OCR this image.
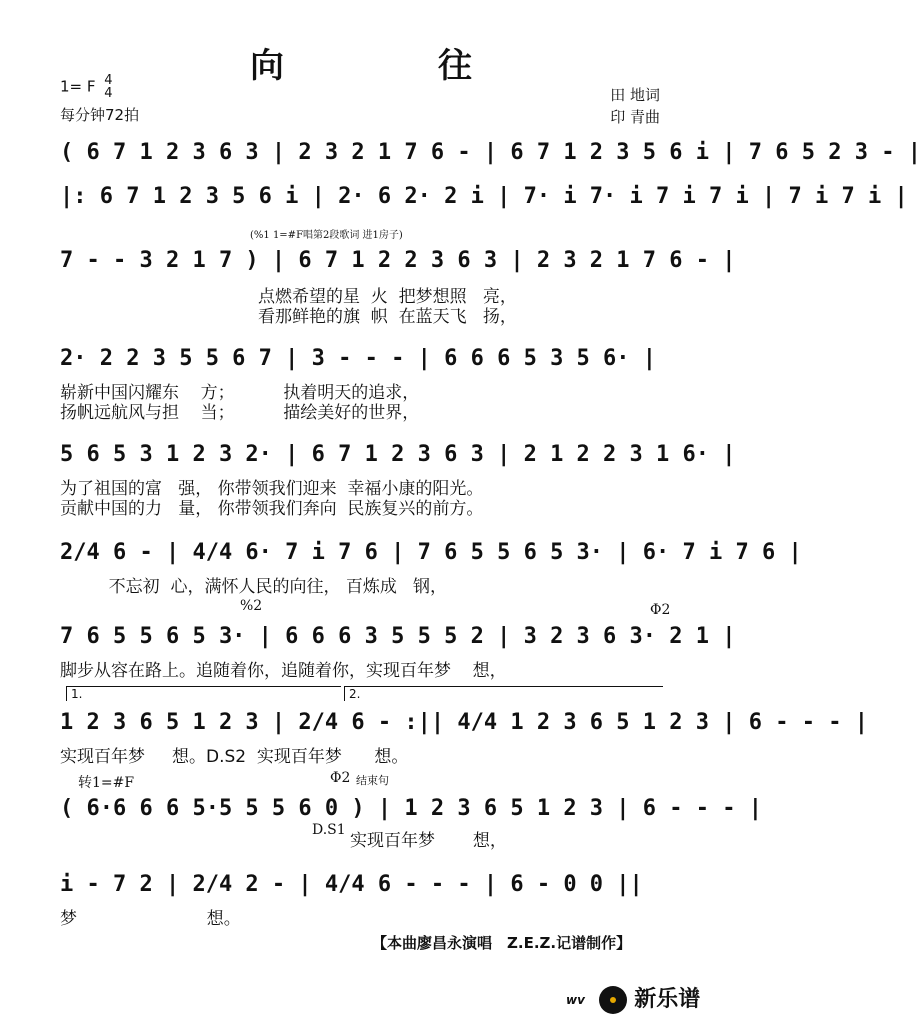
向　往
1= F 4
4
每分钟72拍
田 地词
印 青曲
( 6 7 1 2 3 6 3 | 2 3 2 1 7 6 - | 6 7 1 2 3 5 6 i | 7 6 5 2 3 - |
|: 6 7 1 2 3 5 6 i | 2· 6 2· 2 i | 7· i 7· i 7 i 7 i | 7 i 7 i |
(%1 1=#F唱第2段歌词 进1房子)
7 - - 3 2 1 7 ) | 6 7 1 2 2 3 6 3 | 2 3 2 1 7 6 - |
点燃希望的星  火  把梦想照   亮，
看那鲜艳的旗  帜  在蓝天飞   扬，
2· 2 2 3 5 5 6 7 | 3 - - - | 6 6 6 5 3 5 6· |
崭新中国闪耀东    方；         执着明天的追求，
扬帆远航风与担    当；         描绘美好的世界，
5 6 5 3 1 2 3 2· | 6 7 1 2 3 6 3 | 2 1 2 2 3 1 6· |
为了祖国的富   强， 你带领我们迎来  幸福小康的阳光。
贡献中国的力   量， 你带领我们奔向  民族复兴的前方。
2/4 6 - | 4/4 6· 7 i 7 6 | 7 6 5 5 6 5 3· | 6· 7 i 7 6 |
不忘初  心，满怀人民的向往， 百炼成   钢，
%2	Φ2
7 6 5 5 6 5 3· | 6 6 6 3 5 5 5 2 | 3 2 3 6 3· 2 1 |
脚步从容在路上。追随着你，追随着你，实现百年梦    想，
1.	2.
1 2 3 6 5 1 2 3 | 2/4 6 - :|| 4/4 1 2 3 6 5 1 2 3 | 6 - - - |
实现百年梦     想。D.S2  实现百年梦      想。
转1=#F	Φ2 结束句
( 6·6 6 6 5·5 5 5 6 0 ) | 1 2 3 6 5 1 2 3 | 6 - - - |
D.S1
实现百年梦       想，
i - 7 2 | 2/4 2 - | 4/4 6 - - - | 6 - 0 0 ||
梦                        想。
【本曲廖昌永演唱　Z.E.Z.记谱制作】
wv 新乐谱
